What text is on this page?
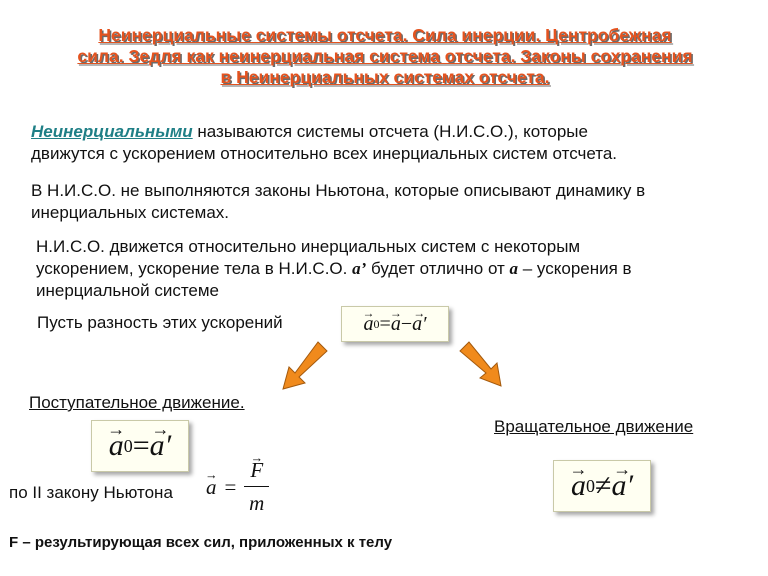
Неинерциальные системы отсчета. Сила инерции. Центробежная
сила. Зедля как неинерциальная система отсчета. Законы сохранения
в Неинерциальных системах отсчета.
Неинерциальными называются системы отсчета (Н.И.С.О.), которые
движутся с ускорением относительно всех инерциальных систем отсчета.
В Н.И.С.О. не выполняются законы Ньютона, которые описывают динамику в
инерциальных системах.
Н.И.С.О. движется относительно инерциальных систем с некоторым
ускорением, ускорение тела в Н.И.С.О. a’ будет отлично от a – ускорения в
инерциальной системе
Пусть разность этих ускорений	→ a 0 = → a − → a′
Поступательное движение.
→ a 0 = → a′
по II закону Ньютона → a = → $\frac{F}{m}$
Вращательное движение
→ a 0 ≠ → a′
F – результирующая всех сил, приложенных к телу
